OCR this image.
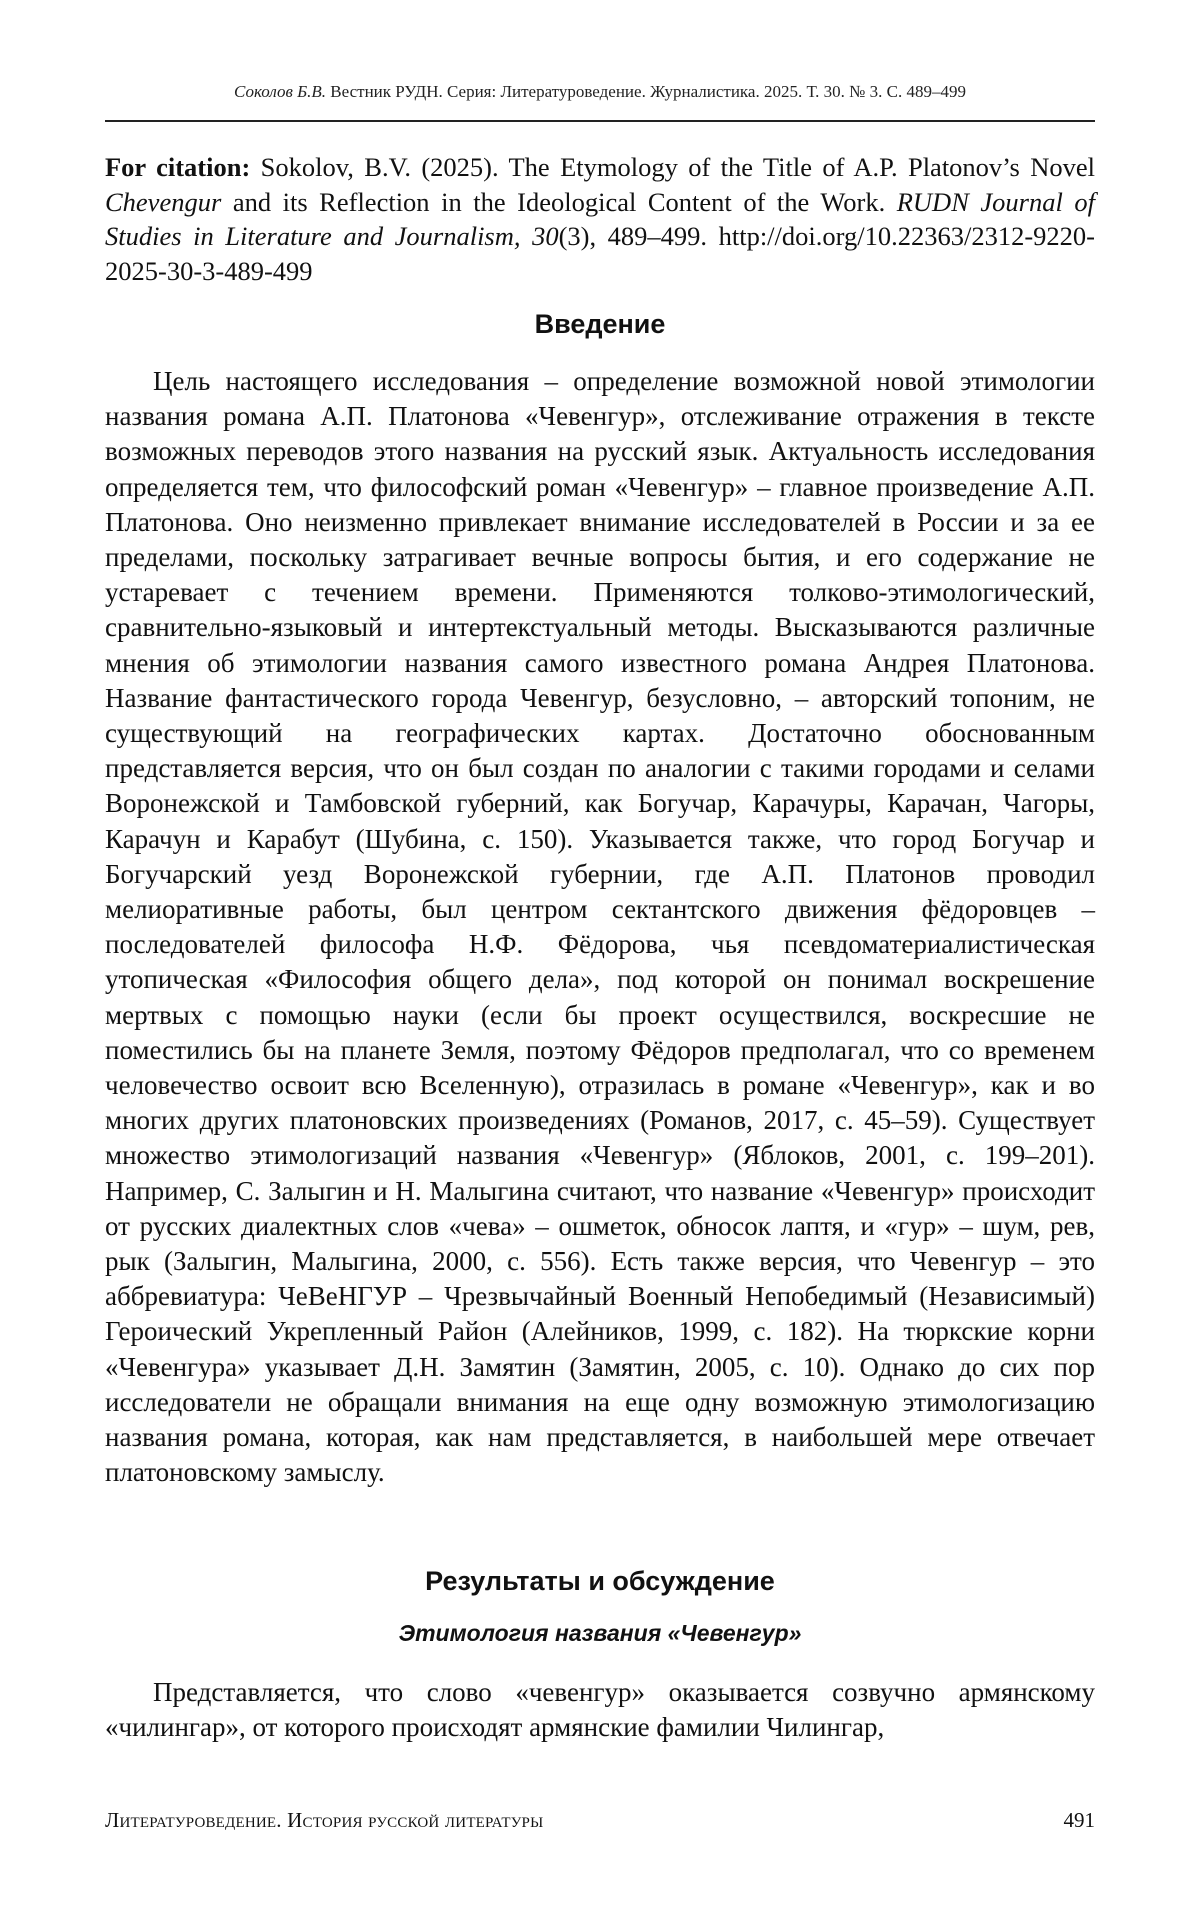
Соколов Б.В. Вестник РУДН. Серия: Литературоведение. Журналистика. 2025. Т. 30. № 3. С. 489–499
For citation: Sokolov, B.V. (2025). The Etymology of the Title of A.P. Platonov’s Novel Chevengur and its Reflection in the Ideological Content of the Work. RUDN Journal of Studies in Literature and Journalism, 30(3), 489–499. http://doi.org/10.22363/2312-9220-2025-30-3-489-499
Введение

Цель настоящего исследования – определение возможной новой этимологии названия романа А.П. Платонова «Чевенгур», отслеживание отражения в тексте возможных переводов этого названия на русский язык. Актуальность исследования определяется тем, что философский роман «Чевенгур» – главное произведение А.П. Платонова. Оно неизменно привлекает внимание исследователей в России и за ее пределами, поскольку затрагивает вечные вопросы бытия, и его содержание не устаревает с течением времени. Применяются толково-этимологический, сравнительно-языковый и интертекстуальный методы. Высказываются различные мнения об этимологии названия самого известного романа Андрея Платонова. Название фантастического города Чевенгур, безусловно, – авторский топоним, не существующий на географических картах. Достаточно обоснованным представляется версия, что он был создан по аналогии с такими городами и селами Воронежской и Тамбовской губерний, как Богучар, Карачуры, Карачан, Чагоры, Карачун и Карабут (Шубина, с. 150). Указывается также, что город Богучар и Богучарский уезд Воронежской губернии, где А.П. Платонов проводил мелиоративные работы, был центром сектантского движения фёдоровцев – последователей философа Н.Ф. Фёдорова, чья псевдоматериалистическая утопическая «Философия общего дела», под которой он понимал воскрешение мертвых с помощью науки (если бы проект осуществился, воскресшие не поместились бы на планете Земля, поэтому Фёдоров предполагал, что со временем человечество освоит всю Вселенную), отразилась в романе «Чевенгур», как и во многих других платоновских произведениях (Романов, 2017, с. 45–59). Существует множество этимологизаций названия «Чевенгур» (Яблоков, 2001, с. 199–201). Например, С. Залыгин и Н. Малыгина считают, что название «Чевенгур» происходит от русских диалектных слов «чева» – ошметок, обносок лаптя, и «гур» – шум, рев, рык (Залыгин, Малыгина, 2000, с. 556). Есть также версия, что Чевенгур – это аббревиатура: ЧеВеНГУР – Чрезвычайный Военный Непобедимый (Независимый) Героический Укрепленный Район (Алейников, 1999, с. 182). На тюркские корни «Чевенгура» указывает Д.Н. Замятин (Замятин, 2005, с. 10). Однако до сих пор исследователи не обращали внимания на еще одну возможную этимологизацию названия романа, которая, как нам представляется, в наибольшей мере отвечает платоновскому замыслу.

Результаты и обсуждение
Этимология названия «Чевенгур»

Представляется, что слово «чевенгур» оказывается созвучно армянскому «чилингар», от которого происходят армянские фамилии Чилингар,

Литературоведение. История русской литературы	491
